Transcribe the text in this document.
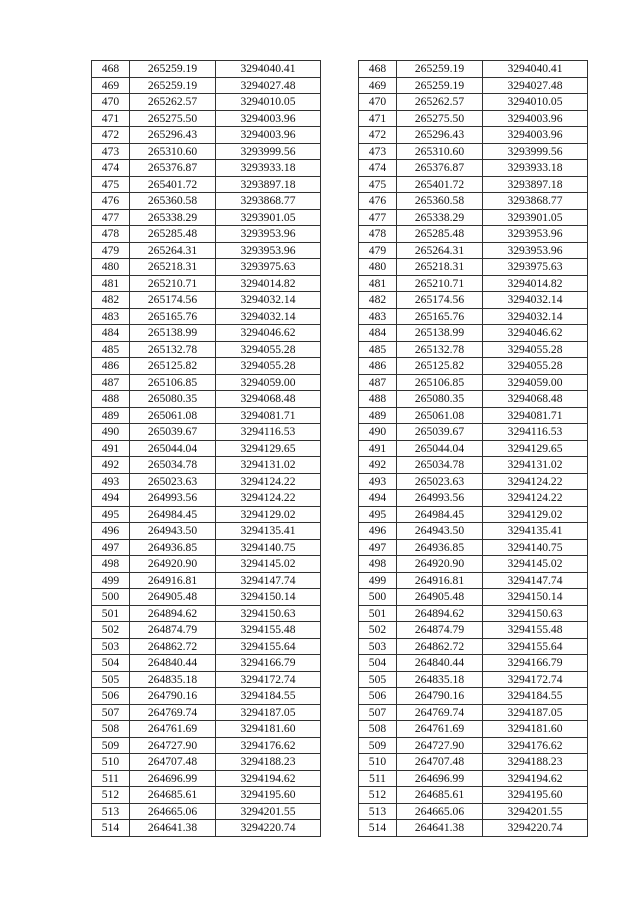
468	265259.19	3294040.41
469	265259.19	3294027.48
470	265262.57	3294010.05
471	265275.50	3294003.96
472	265296.43	3294003.96
473	265310.60	3293999.56
474	265376.87	3293933.18
475	265401.72	3293897.18
476	265360.58	3293868.77
477	265338.29	3293901.05
478	265285.48	3293953.96
479	265264.31	3293953.96
480	265218.31	3293975.63
481	265210.71	3294014.82
482	265174.56	3294032.14
483	265165.76	3294032.14
484	265138.99	3294046.62
485	265132.78	3294055.28
486	265125.82	3294055.28
487	265106.85	3294059.00
488	265080.35	3294068.48
489	265061.08	3294081.71
490	265039.67	3294116.53
491	265044.04	3294129.65
492	265034.78	3294131.02
493	265023.63	3294124.22
494	264993.56	3294124.22
495	264984.45	3294129.02
496	264943.50	3294135.41
497	264936.85	3294140.75
498	264920.90	3294145.02
499	264916.81	3294147.74
500	264905.48	3294150.14
501	264894.62	3294150.63
502	264874.79	3294155.48
503	264862.72	3294155.64
504	264840.44	3294166.79
505	264835.18	3294172.74
506	264790.16	3294184.55
507	264769.74	3294187.05
508	264761.69	3294181.60
509	264727.90	3294176.62
510	264707.48	3294188.23
511	264696.99	3294194.62
512	264685.61	3294195.60
513	264665.06	3294201.55
514	264641.38	3294220.74
468	265259.19	3294040.41
469	265259.19	3294027.48
470	265262.57	3294010.05
471	265275.50	3294003.96
472	265296.43	3294003.96
473	265310.60	3293999.56
474	265376.87	3293933.18
475	265401.72	3293897.18
476	265360.58	3293868.77
477	265338.29	3293901.05
478	265285.48	3293953.96
479	265264.31	3293953.96
480	265218.31	3293975.63
481	265210.71	3294014.82
482	265174.56	3294032.14
483	265165.76	3294032.14
484	265138.99	3294046.62
485	265132.78	3294055.28
486	265125.82	3294055.28
487	265106.85	3294059.00
488	265080.35	3294068.48
489	265061.08	3294081.71
490	265039.67	3294116.53
491	265044.04	3294129.65
492	265034.78	3294131.02
493	265023.63	3294124.22
494	264993.56	3294124.22
495	264984.45	3294129.02
496	264943.50	3294135.41
497	264936.85	3294140.75
498	264920.90	3294145.02
499	264916.81	3294147.74
500	264905.48	3294150.14
501	264894.62	3294150.63
502	264874.79	3294155.48
503	264862.72	3294155.64
504	264840.44	3294166.79
505	264835.18	3294172.74
506	264790.16	3294184.55
507	264769.74	3294187.05
508	264761.69	3294181.60
509	264727.90	3294176.62
510	264707.48	3294188.23
511	264696.99	3294194.62
512	264685.61	3294195.60
513	264665.06	3294201.55
514	264641.38	3294220.74
